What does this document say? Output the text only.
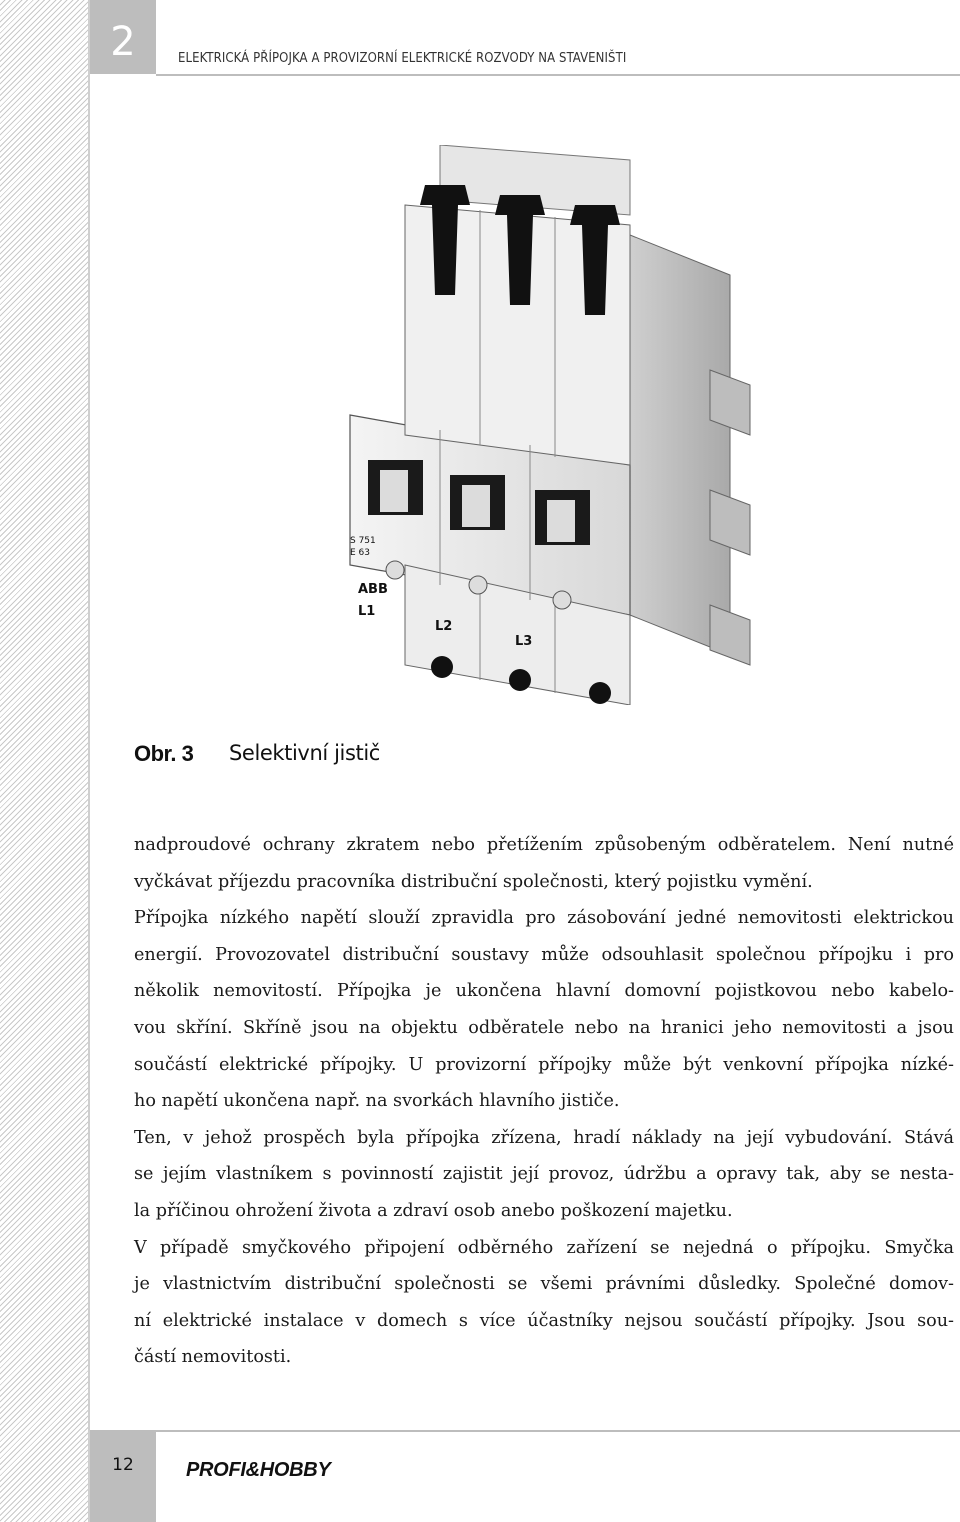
2	ELEKTRICKÁ PŘÍPOJKA A PROVIZORNÍ ELEKTRICKÉ ROZVODY NA STAVENIŠTI
ABB
S 751
E 63
L1
L2
L3
Obr. 3 Selektivní jistič
nadproudové ochrany zkratem nebo přetížením způsobeným odběratelem. Není nutné
vyčkávat příjezdu pracovníka distribuční společnosti, který pojistku vymění.
Přípojka nízkého napětí slouží zpravidla pro zásobování jedné nemovitosti elektrickou
energií. Provozovatel distribuční soustavy může odsouhlasit společnou přípojku i pro
několik nemovitostí. Přípojka je ukončena hlavní domovní pojistkovou nebo kabelo-
vou skříní. Skříně jsou na objektu odběratele nebo na hranici jeho nemovitosti a jsou
součástí elektrické přípojky. U provizorní přípojky může být venkovní přípojka nízké-
ho napětí ukončena např. na svorkách hlavního jističe.
Ten, v jehož prospěch byla přípojka zřízena, hradí náklady na její vybudování. Stává
se jejím vlastníkem s povinností zajistit její provoz, údržbu a opravy tak, aby se nesta-
la příčinou ohrožení života a zdraví osob anebo poškození majetku.
V případě smyčkového připojení odběrného zařízení se nejedná o přípojku. Smyčka
je vlastnictvím distribuční společnosti se všemi právními důsledky. Společné domov-
ní elektrické instalace v domech s více účastníky nejsou součástí přípojky. Jsou sou-
částí nemovitosti.
12	PROFI&HOBBY
